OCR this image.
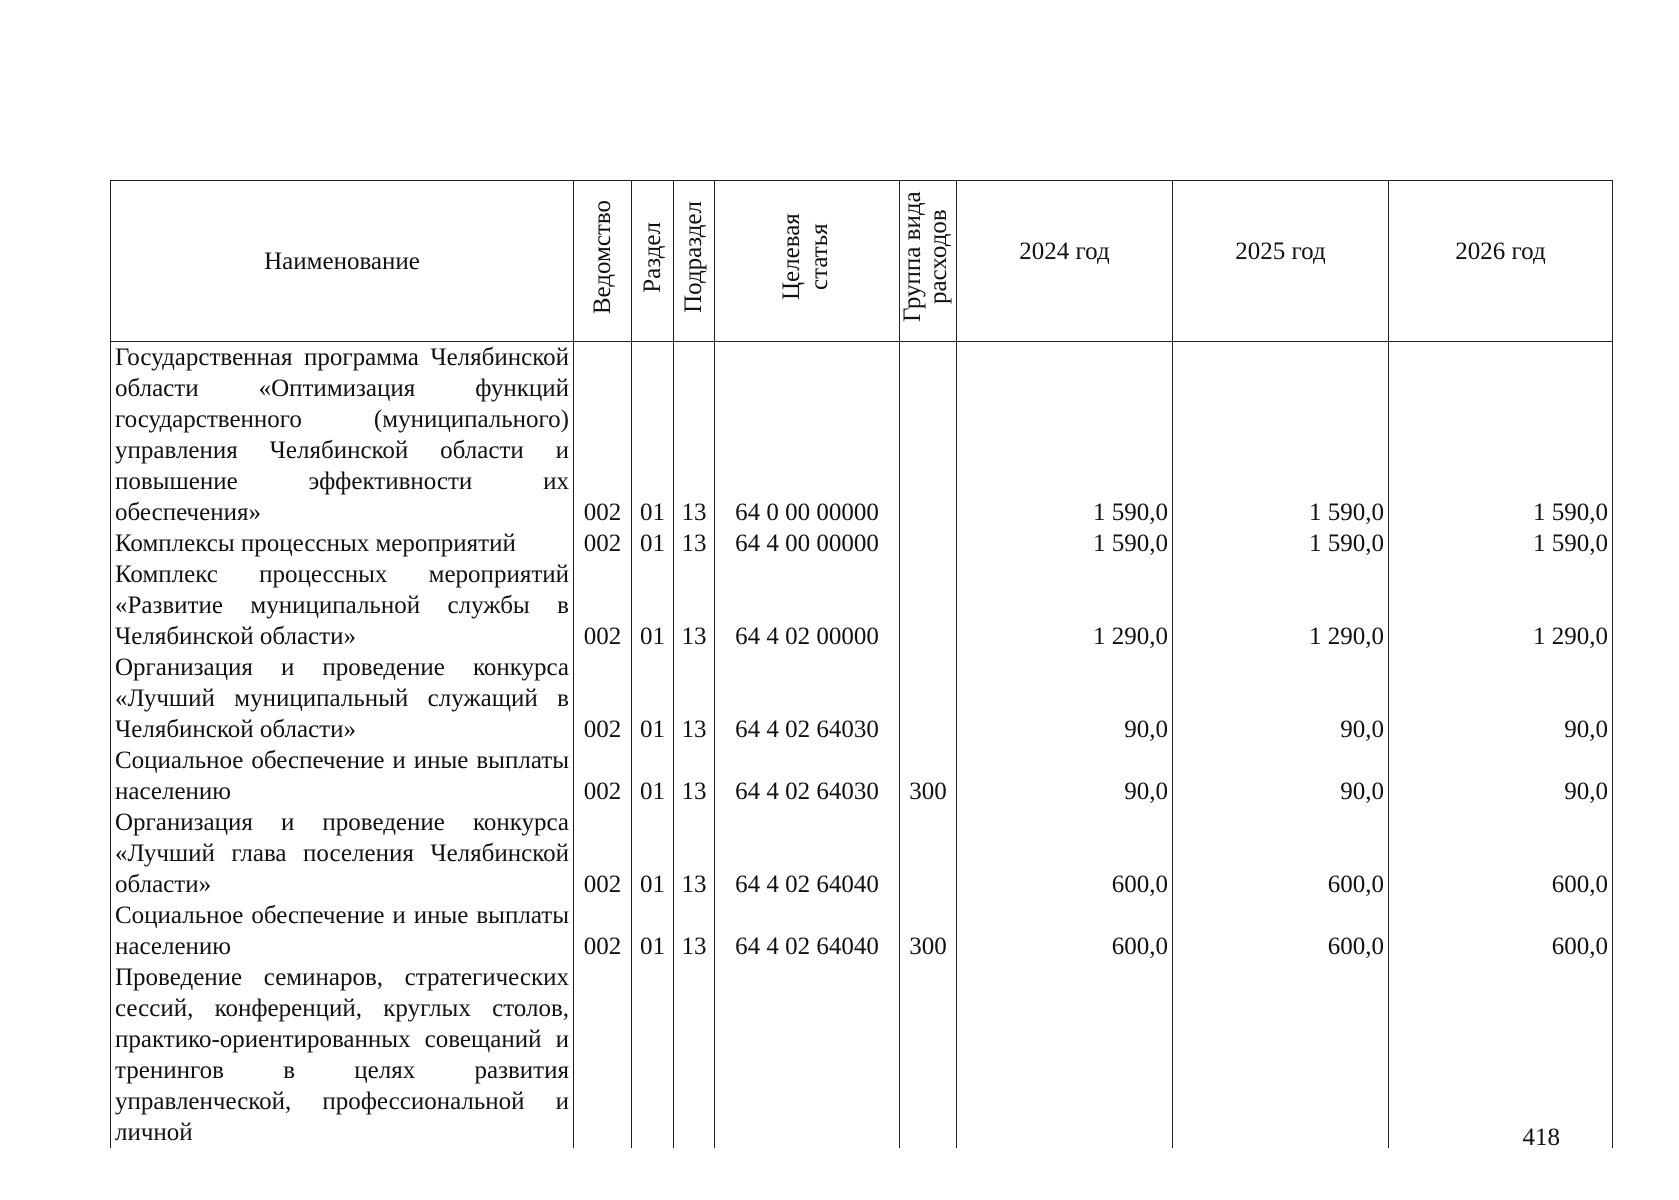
Наименование	Ведомство	Раздел	Подраздел	Целевая статья	Группа вида расходов	2024 год	2025 год	2026 год
Государственная программа Челябинской области «Оптимизация функций государственного (муниципального) управления Челябинской области и повышение эффективности их обеспечения»	002	01	13	64 0 00 00000		1 590,0	1 590,0	1 590,0
Комплексы процессных мероприятий	002	01	13	64 4 00 00000		1 590,0	1 590,0	1 590,0
Комплекс процессных мероприятий «Развитие муниципальной службы в Челябинской области»	002	01	13	64 4 02 00000		1 290,0	1 290,0	1 290,0
Организация и проведение конкурса «Лучший муниципальный служащий в Челябинской области»	002	01	13	64 4 02 64030		90,0	90,0	90,0
Социальное обеспечение и иные выплаты населению	002	01	13	64 4 02 64030	300	90,0	90,0	90,0
Организация и проведение конкурса «Лучший глава поселения Челябинской области»	002	01	13	64 4 02 64040		600,0	600,0	600,0
Социальное обеспечение и иные выплаты населению	002	01	13	64 4 02 64040	300	600,0	600,0	600,0
Проведение семинаров, стратегических сессий, конференций, круглых столов, практико-ориентированных совещаний и тренингов в целях развития управленческой, профессиональной и личной									418
